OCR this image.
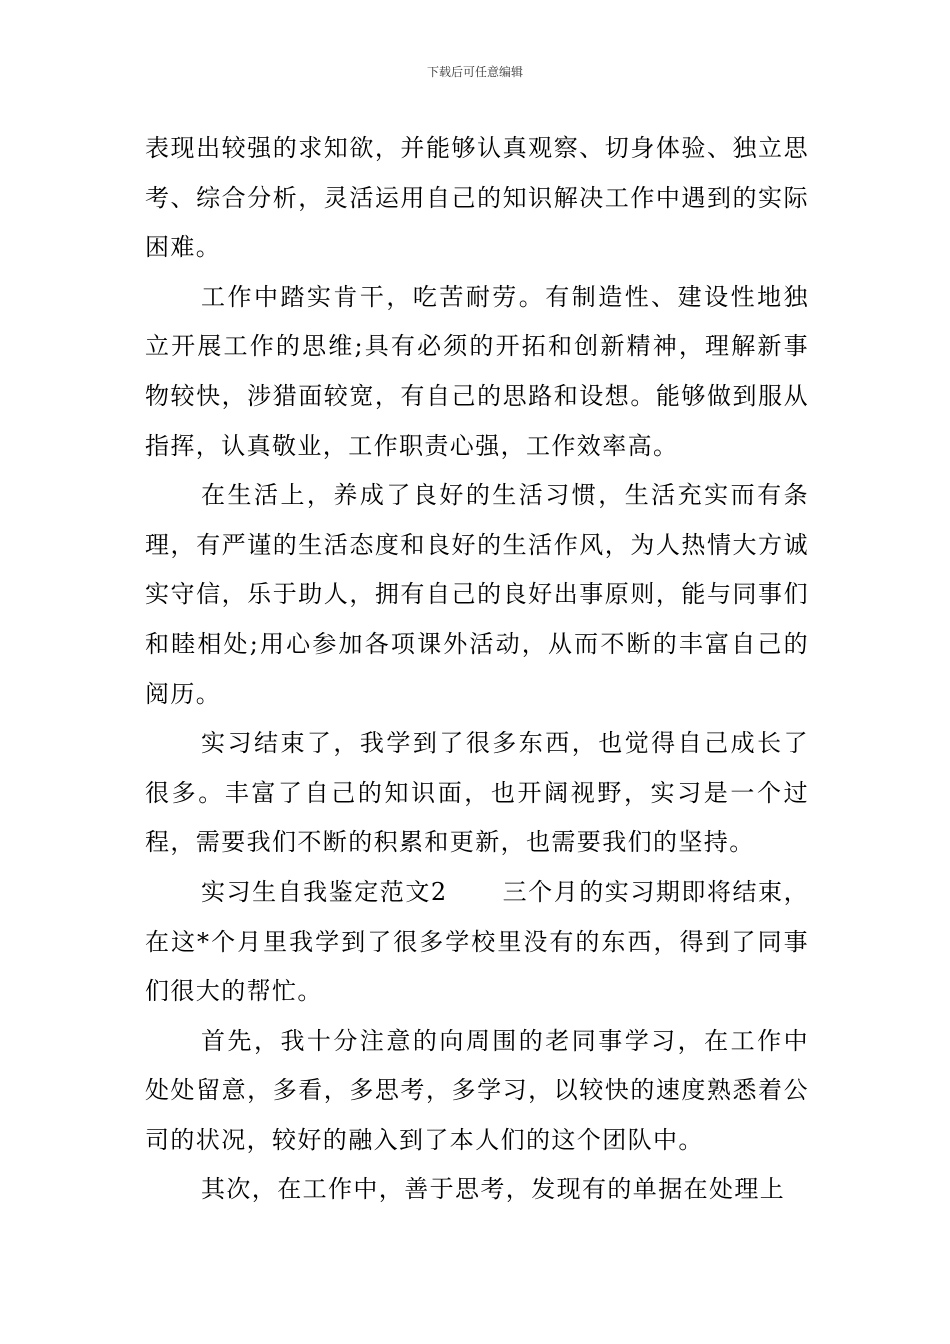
下载后可任意编辑

表现出较强的求知欲，并能够认真观察、切身体验、独立思考、综合分析，灵活运用自己的知识解决工作中遇到的实际困难。

工作中踏实肯干，吃苦耐劳。有制造性、建设性地独立开展工作的思维;具有必须的开拓和创新精神，理解新事物较快，涉猎面较宽，有自己的思路和设想。能够做到服从指挥，认真敬业，工作职责心强，工作效率高。

在生活上，养成了良好的生活习惯，生活充实而有条理，有严谨的生活态度和良好的生活作风，为人热情大方诚实守信，乐于助人，拥有自己的良好出事原则，能与同事们和睦相处;用心参加各项课外活动，从而不断的丰富自己的阅历。

实习结束了，我学到了很多东西，也觉得自己成长了很多。丰富了自己的知识面，也开阔视野，实习是一个过程，需要我们不断的积累和更新，也需要我们的坚持。

实习生自我鉴定范文2 三个月的实习期即将结束，在这*个月里我学到了很多学校里没有的东西，得到了同事们很大的帮忙。

首先，我十分注意的向周围的老同事学习，在工作中处处留意，多看，多思考，多学习，以较快的速度熟悉着公司的状况，较好的融入到了本人们的这个团队中。

其次，在工作中，善于思考，发现有的单据在处理上
